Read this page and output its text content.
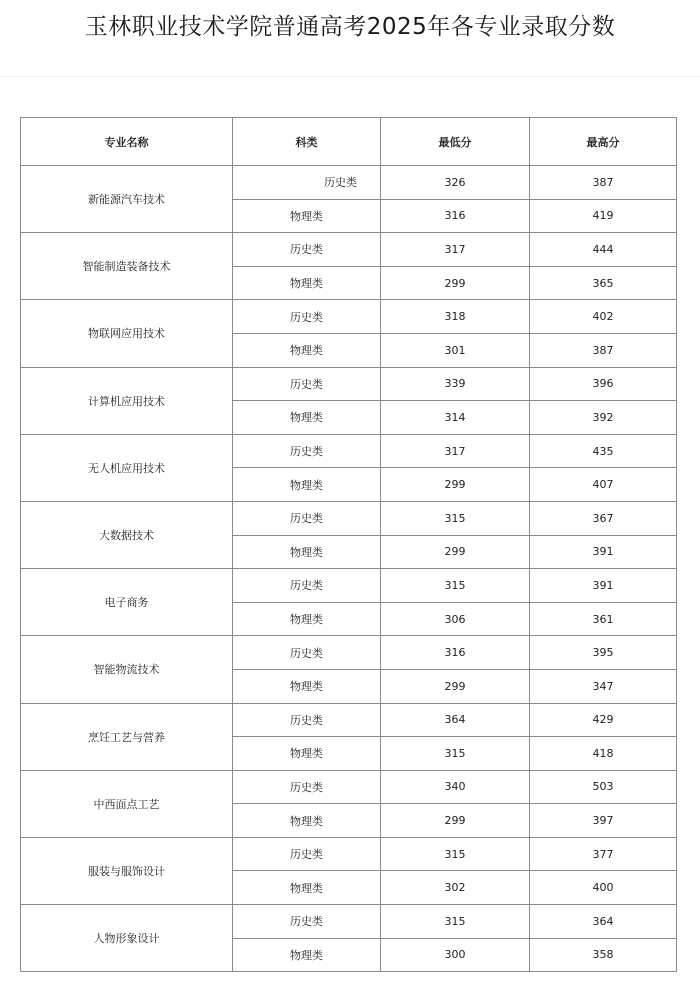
玉林职业技术学院普通高考2025年各专业录取分数
专业名称	科类	最低分	最高分
新能源汽车技术	历史类	326	387
	物理类	316	419
智能制造装备技术	历史类	317	444
	物理类	299	365
物联网应用技术	历史类	318	402
	物理类	301	387
计算机应用技术	历史类	339	396
	物理类	314	392
无人机应用技术	历史类	317	435
	物理类	299	407
大数据技术	历史类	315	367
	物理类	299	391
电子商务	历史类	315	391
	物理类	306	361
智能物流技术	历史类	316	395
	物理类	299	347
烹饪工艺与营养	历史类	364	429
	物理类	315	418
中西面点工艺	历史类	340	503
	物理类	299	397
服装与服饰设计	历史类	315	377
	物理类	302	400
人物形象设计	历史类	315	364
	物理类	300	358
